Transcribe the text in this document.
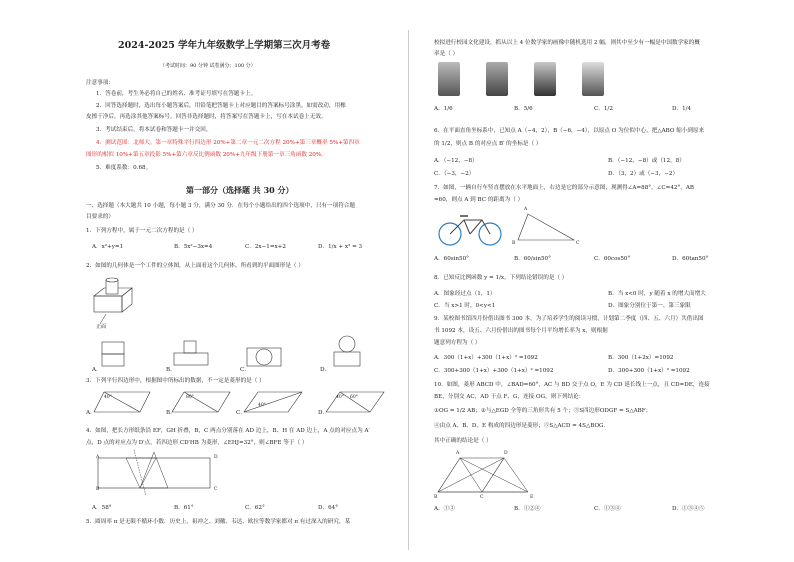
2024-2025 学年九年级数学上学期第三次月考卷
（考试时间：90 分钟 试卷满分：100 分）
注意事项：
1．答卷前，考生务必将自己的姓名、准考证号填写在答题卡上。
2．回答选择题时，选出每小题答案后，用铅笔把答题卡上对应题目的答案标号涂黑。如需改动，用橡
皮擦干净后，再选涂其他答案标号。回答非选择题时，将答案写在答题卡上，写在本试卷上无效。
3．考试结束后，将本试卷和答题卡一并交回。
4．测试范围：北师大。第一章特殊平行四边形 20%+第二章一元二次方程 20%+第三章概率 5%+第四章
图形的相似 10%+第五章投影 5%+第六章反比例函数 20%+九年级下册第一章三角函数 20%。
5．难度系数：0.68。
第一部分（选择题 共 30 分）
一、选择题（本大题共 10 小题，每小题 3 分，满分 30 分．在每个小题给出的四个选项中，只有一项符合题
目要求的）
1．下列方程中，属于一元二次方程的是（ ）
A．x²+y=1	B．5x²−3x=4	C．2x−1=x+2	D．1/x + x² = 3
2．如图的几何体是一个工件的立体图，从上面看这个几何体，所看到的平面图形是（ ）
正面
A．	B．	C．	D．
3．下列平行四边形中，根据图中所标出的数据，不一定是菱形的是（ ）
A．
40°
B．
80°
C．
40°
D．
40° 60°
4．如图，把长方形纸条沿 EF，GH 折叠，B，C 两点分别落在 AD 边上，B、H 在 AD 边上，A 点的对应点为 A′
点，D 点的对应点为 D′点，若四边形 CD′HB 为菱形，∠EHJ=32°，则∠BFE 等于（ ）
B
A
C
D
A．58°	B．61°	C．62°	D．64°
5．圆周率 π 是无限不循环小数．历史上，祖冲之、刘徽、韦达、欧拉等数学家都对 π 有过深入的研究，某
校拟进行校园文化建设，抓从以上 4 位数学家的画像中随机选用 2 幅，则其中至少有一幅是中国数学家的概
率是（ ）
A．1/6	B．5/6	C．1/2	D．1/4
6．在平面直角坐标系中，已知点 A（−4，2），B（−6，−4），以原点 O 为位似中心，把△ABO 缩小到原来
的 1/2，则点 B 的对应点 B′ 的坐标是（ ）
A．（−12，−8）	B．（−12，−8）或（12，8）
C．（−3，−2）	D．（3，2）或（−3，−2）
7．如图，一辆自行车竖直摆放在水平地面上，右边是它的部分示意图，现测得∠A=88°，∠C=42°，AB
=60，则点 A 到 BC 的距离为（ ）
A
B	C
A．60sin50°	B．60/sin50°	C．60cos50°	D．60tan50°
8．已知反比例函数 y = 1/x，下列结论错误的是（ ）
A．图象经过点（1，1）	B．当 x<0 时，y 随着 x 的增大而增大
C．当 x>1 时，0<y<1	D．图象分别位于第一、第三象限
9．某校图书馆四月份借出图书 300 本，为了培养学生的阅读习惯，计划第二季度（四、五、六月）共借出图
书 1092 本，设五、六月份借出的图书每个月平均增长率为 x，则根据
题意列方程为（ ）
A．300（1+x）+300（1+x）² =1092	B．300（1+2x）=1092
C．300+300（1+x）+300（1+x）² =1092	D．300+300（1+x）² =1092
10．如图，菱形 ABCD 中，∠BAD=60°，AC 与 BD 交于点 O，E 为 CD 延长线上一点，且 CD=DE，连接
BE，分别交 AC，AD 于点 F、G，连接 OG，则下列结论：
①OG = 1/2 AB；②与△EGD 全等的三角形共有 5 个；③S四边形ODGF = S△ABF；
④由点 A、B、D、E 构成的四边形是菱形；⑤S△ACD = 4S△BOG．
其中正确的结论是（ ）
A
B
D
C	E
A．①③	B．①②④	C．①③④	D．①③④⑤
